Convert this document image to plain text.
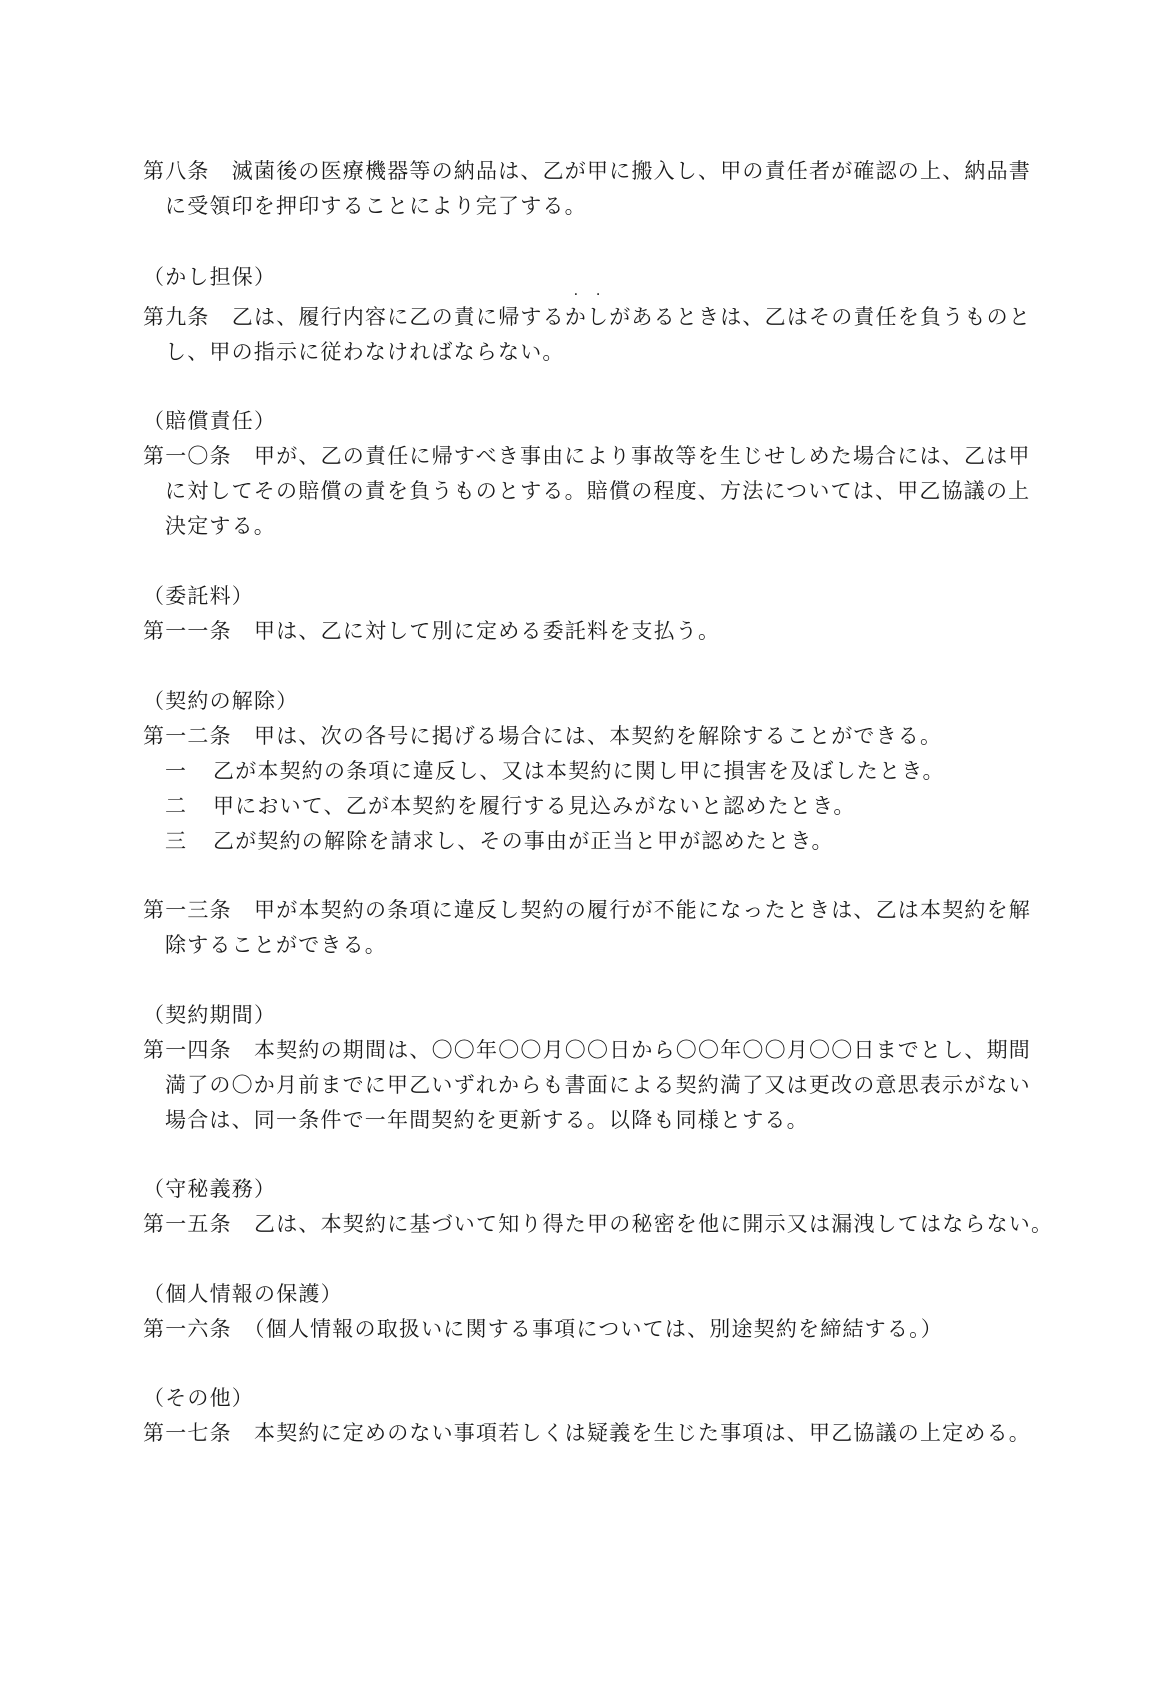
第八条　滅菌後の医療機器等の納品は、乙が甲に搬入し、甲の責任者が確認の上、納品書
に受領印を押印することにより完了する。
（かし担保）
第九条　乙は、履行内容に乙の責に帰する
・
か
・
しがあるときは、乙はその責任を負うものと
し、甲の指示に従わなければならない。
（賠償責任）
第一〇条　甲が、乙の責任に帰すべき事由により事故等を生じせしめた場合には、乙は甲
に対してその賠償の責を負うものとする。賠償の程度、方法については、甲乙協議の上
決定する。
（委託料）
第一一条　甲は、乙に対して別に定める委託料を支払う。
（契約の解除）
第一二条　甲は、次の各号に掲げる場合には、本契約を解除することができる。
一 乙が本契約の条項に違反し、又は本契約に関し甲に損害を及ぼしたとき。
二 甲において、乙が本契約を履行する見込みがないと認めたとき。
三 乙が契約の解除を請求し、その事由が正当と甲が認めたとき。
第一三条　甲が本契約の条項に違反し契約の履行が不能になったときは、乙は本契約を解
除することができる。
（契約期間）
第一四条　本契約の期間は、〇〇年〇〇月〇〇日から〇〇年〇〇月〇〇日までとし、期間
満了の〇か月前までに甲乙いずれからも書面による契約満了又は更改の意思表示がない
場合は、同一条件で一年間契約を更新する。以降も同様とする。
（守秘義務）
第一五条　乙は、本契約に基づいて知り得た甲の秘密を他に開示又は漏洩してはならない。
（個人情報の保護）
第一六条　（個人情報の取扱いに関する事項については、別途契約を締結する。）
（その他）
第一七条　本契約に定めのない事項若しくは疑義を生じた事項は、甲乙協議の上定める。
